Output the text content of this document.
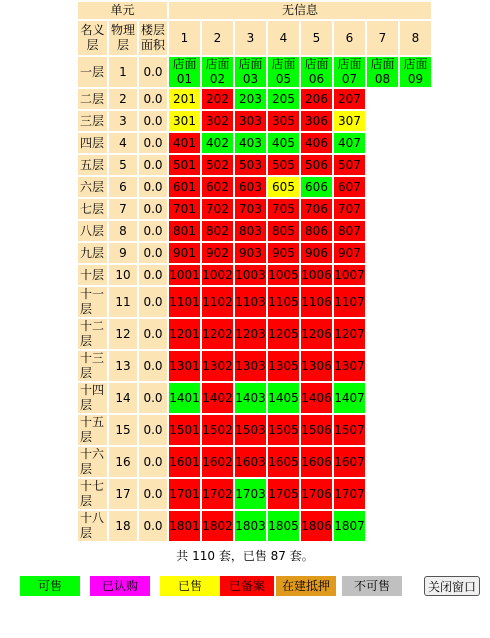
单元			无信息							
名义层	物理层	楼层面积	1	2	3	4	5	6	7	8
一层	1	0.0	店面01	店面02	店面03	店面05	店面06	店面07	店面08	店面09
二层	2	0.0	201	202	203	205	206	207		
三层	3	0.0	301	302	303	305	306	307		
四层	4	0.0	401	402	403	405	406	407		
五层	5	0.0	501	502	503	505	506	507		
六层	6	0.0	601	602	603	605	606	607		
七层	7	0.0	701	702	703	705	706	707		
八层	8	0.0	801	802	803	805	806	807		
九层	9	0.0	901	902	903	905	906	907		
十层	10	0.0	1001	1002	1003	1005	1006	1007		
十一层	11	0.0	1101	1102	1103	1105	1106	1107		
十二层	12	0.0	1201	1202	1203	1205	1206	1207		
十三层	13	0.0	1301	1302	1303	1305	1306	1307		
十四层	14	0.0	1401	1402	1403	1405	1406	1407		
十五层	15	0.0	1501	1502	1503	1505	1506	1507		
十六层	16	0.0	1601	1602	1603	1605	1606	1607		
十七层	17	0.0	1701	1702	1703	1705	1706	1707		
十八层	18	0.0	1801	1802	1803	1805	1806	1807		
共 110 套，已售 87 套。
可售	已认购	已售	已备案	在建抵押	不可售	关闭窗口
